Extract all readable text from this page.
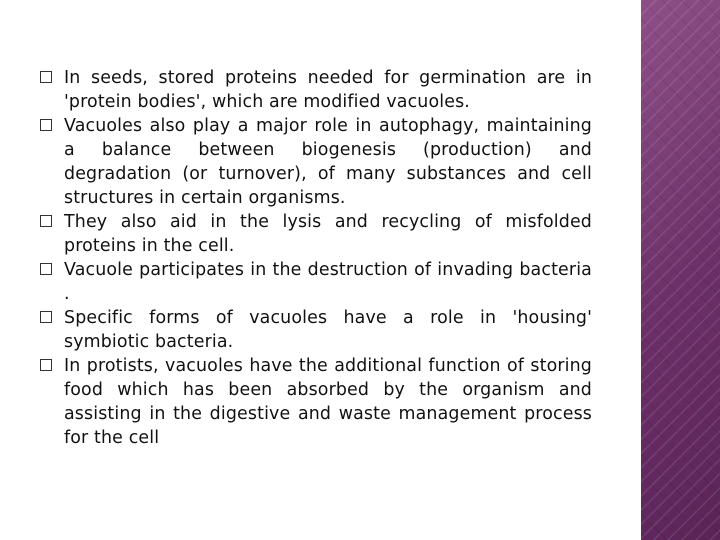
In seeds, stored proteins needed for germination are in 'protein bodies', which are modified vacuoles.
Vacuoles also play a major role in autophagy, maintaining a balance between biogenesis (production) and degradation (or turnover), of many substances and cell structures in certain organisms.
They also aid in the lysis and recycling of misfolded proteins in the cell.
Vacuole participates in the destruction of invading bacteria .
Specific forms of vacuoles have a role in 'housing' symbiotic bacteria.
In protists, vacuoles have the additional function of storing food which has been absorbed by the organism and assisting in the digestive and waste management process for the cell
